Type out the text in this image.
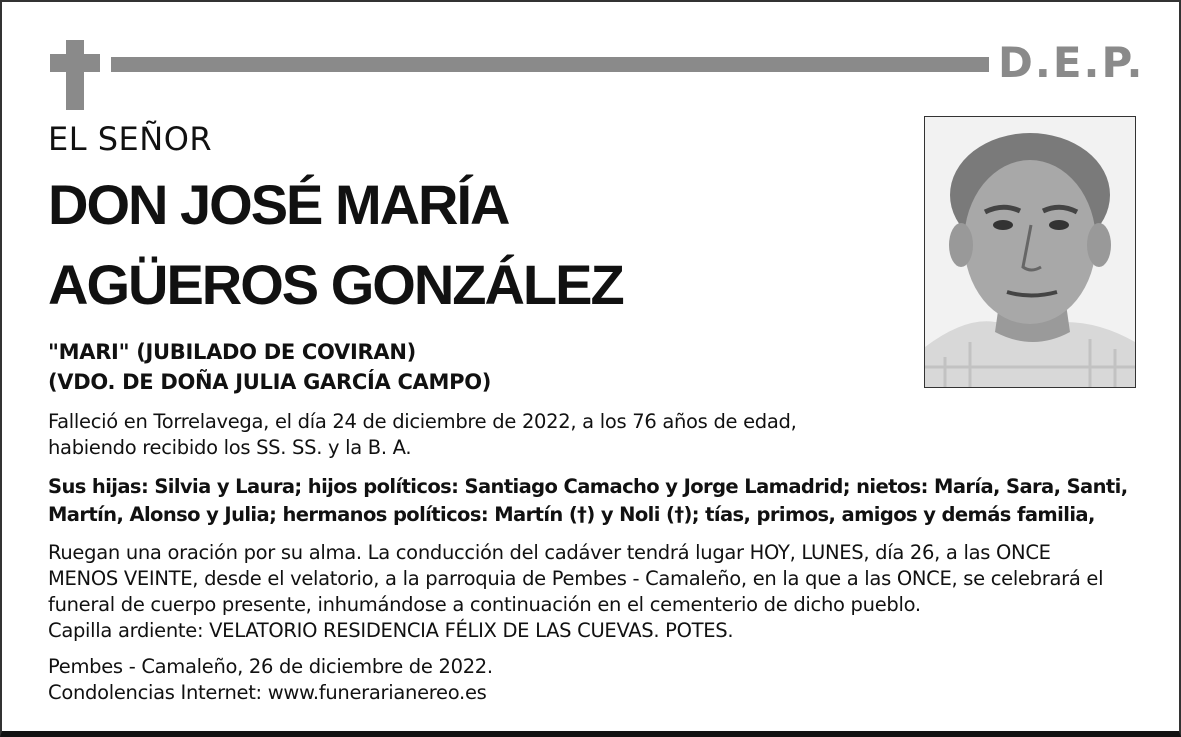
D.E.P.
EL SEÑOR
DON JOSÉ MARÍA
AGÜEROS GONZÁLEZ
"MARI" (JUBILADO DE COVIRAN)
(VDO. DE DOÑA JULIA GARCÍA CAMPO)
Falleció en Torrelavega, el día 24 de diciembre de 2022, a los 76 años de edad,
habiendo recibido los SS. SS. y la B. A.
Sus hijas: Silvia y Laura; hijos políticos: Santiago Camacho y Jorge Lamadrid; nietos: María, Sara, Santi,
Martín, Alonso y Julia; hermanos políticos: Martín (†) y Noli (†); tías, primos, amigos y demás familia,
Ruegan una oración por su alma. La conducción del cadáver tendrá lugar HOY, LUNES, día 26, a las ONCE
MENOS VEINTE, desde el velatorio, a la parroquia de Pembes - Camaleño, en la que a las ONCE, se celebrará el
funeral de cuerpo presente, inhumándose a continuación en el cementerio de dicho pueblo.
Capilla ardiente: VELATORIO RESIDENCIA FÉLIX DE LAS CUEVAS. POTES.
Pembes - Camaleño, 26 de diciembre de 2022.
Condolencias Internet: www.funerarianereo.es
